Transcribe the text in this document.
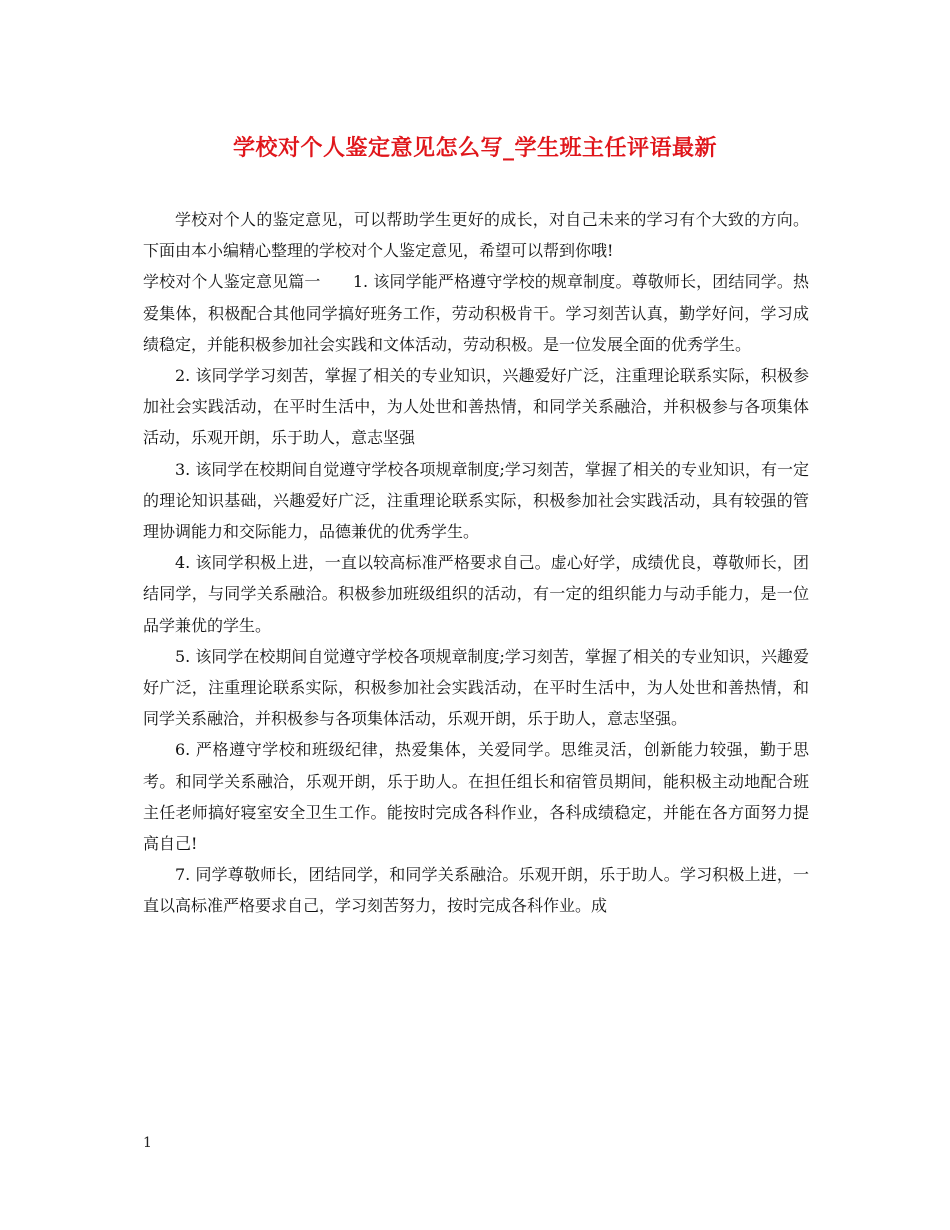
学校对个人鉴定意见怎么写_学生班主任评语最新

学校对个人的鉴定意见，可以帮助学生更好的成长，对自己未来的学习有个大致的方向。下面由本小编精心整理的学校对个人鉴定意见，希望可以帮到你哦!

学校对个人鉴定意见篇一　　1. 该同学能严格遵守学校的规章制度。尊敬师长，团结同学。热爱集体，积极配合其他同学搞好班务工作，劳动积极肯干。学习刻苦认真，勤学好问，学习成绩稳定，并能积极参加社会实践和文体活动，劳动积极。是一位发展全面的优秀学生。

2. 该同学学习刻苦，掌握了相关的专业知识，兴趣爱好广泛，注重理论联系实际，积极参加社会实践活动，在平时生活中，为人处世和善热情，和同学关系融洽，并积极参与各项集体活动，乐观开朗，乐于助人，意志坚强

3. 该同学在校期间自觉遵守学校各项规章制度;学习刻苦，掌握了相关的专业知识，有一定的理论知识基础，兴趣爱好广泛，注重理论联系实际，积极参加社会实践活动，具有较强的管理协调能力和交际能力，品德兼优的优秀学生。

4. 该同学积极上进，一直以较高标准严格要求自己。虚心好学，成绩优良，尊敬师长，团结同学，与同学关系融洽。积极参加班级组织的活动，有一定的组织能力与动手能力，是一位品学兼优的学生。

5. 该同学在校期间自觉遵守学校各项规章制度;学习刻苦，掌握了相关的专业知识，兴趣爱好广泛，注重理论联系实际，积极参加社会实践活动，在平时生活中，为人处世和善热情，和同学关系融洽，并积极参与各项集体活动，乐观开朗，乐于助人，意志坚强。

6. 严格遵守学校和班级纪律，热爱集体，关爱同学。思维灵活，创新能力较强，勤于思考。和同学关系融洽，乐观开朗，乐于助人。在担任组长和宿管员期间，能积极主动地配合班主任老师搞好寝室安全卫生工作。能按时完成各科作业，各科成绩稳定，并能在各方面努力提高自己!

7. 同学尊敬师长，团结同学，和同学关系融洽。乐观开朗，乐于助人。学习积极上进，一直以高标准严格要求自己，学习刻苦努力，按时完成各科作业。成

1
